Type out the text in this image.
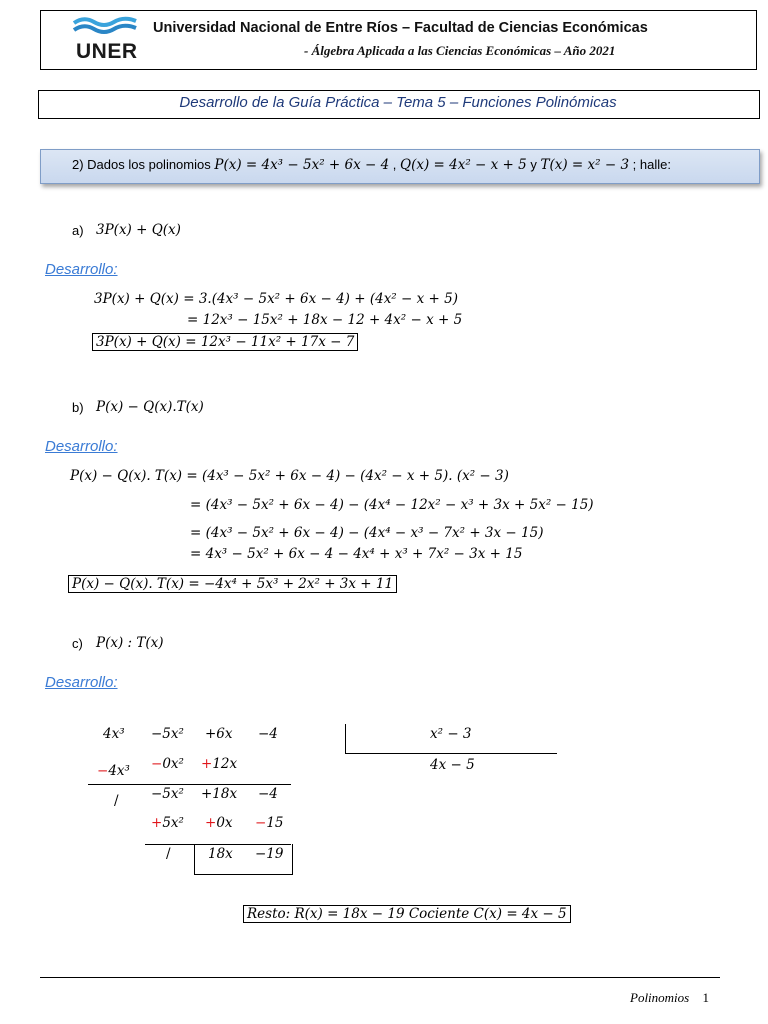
UNER
Universidad Nacional de Entre Ríos – Facultad de Ciencias Económicas
- Álgebra Aplicada a las Ciencias Económicas – Año 2021
Desarrollo de la Guía Práctica – Tema 5 – Funciones Polinómicas
2) Dados los polinomios P(x) = 4x³ − 5x² + 6x − 4 , Q(x) = 4x² − x + 5 y T(x) = x² − 3 ; halle:
a) 3P(x) + Q(x)
Desarrollo:
3P(x) + Q(x) = 3.(4x³ − 5x² + 6x − 4) + (4x² − x + 5)
= 12x³ − 15x² + 18x − 12 + 4x² − x + 5
3P(x) + Q(x) = 12x³ − 11x² + 17x − 7
b) P(x) − Q(x).T(x)
Desarrollo:
P(x) − Q(x). T(x) = (4x³ − 5x² + 6x − 4) − (4x² − x + 5). (x² − 3)
= (4x³ − 5x² + 6x − 4) − (4x⁴ − 12x² − x³ + 3x + 5x² − 15)
= (4x³ − 5x² + 6x − 4) − (4x⁴ − x³ − 7x² + 3x − 15)
= 4x³ − 5x² + 6x − 4 − 4x⁴ + x³ + 7x² − 3x + 15
P(x) − Q(x). T(x) = −4x⁴ + 5x³ + 2x² + 3x + 11
c) P(x) : T(x)
Desarrollo:
4x³ −5x² +6x −4	x² − 3
4x − 5
−4x³ −0x² +12x
/ −5x² +18x −4
+5x² +0x −15
/	18x −19
Resto: R(x) = 18x − 19 Cociente C(x) = 4x − 5
Polinomios 1
